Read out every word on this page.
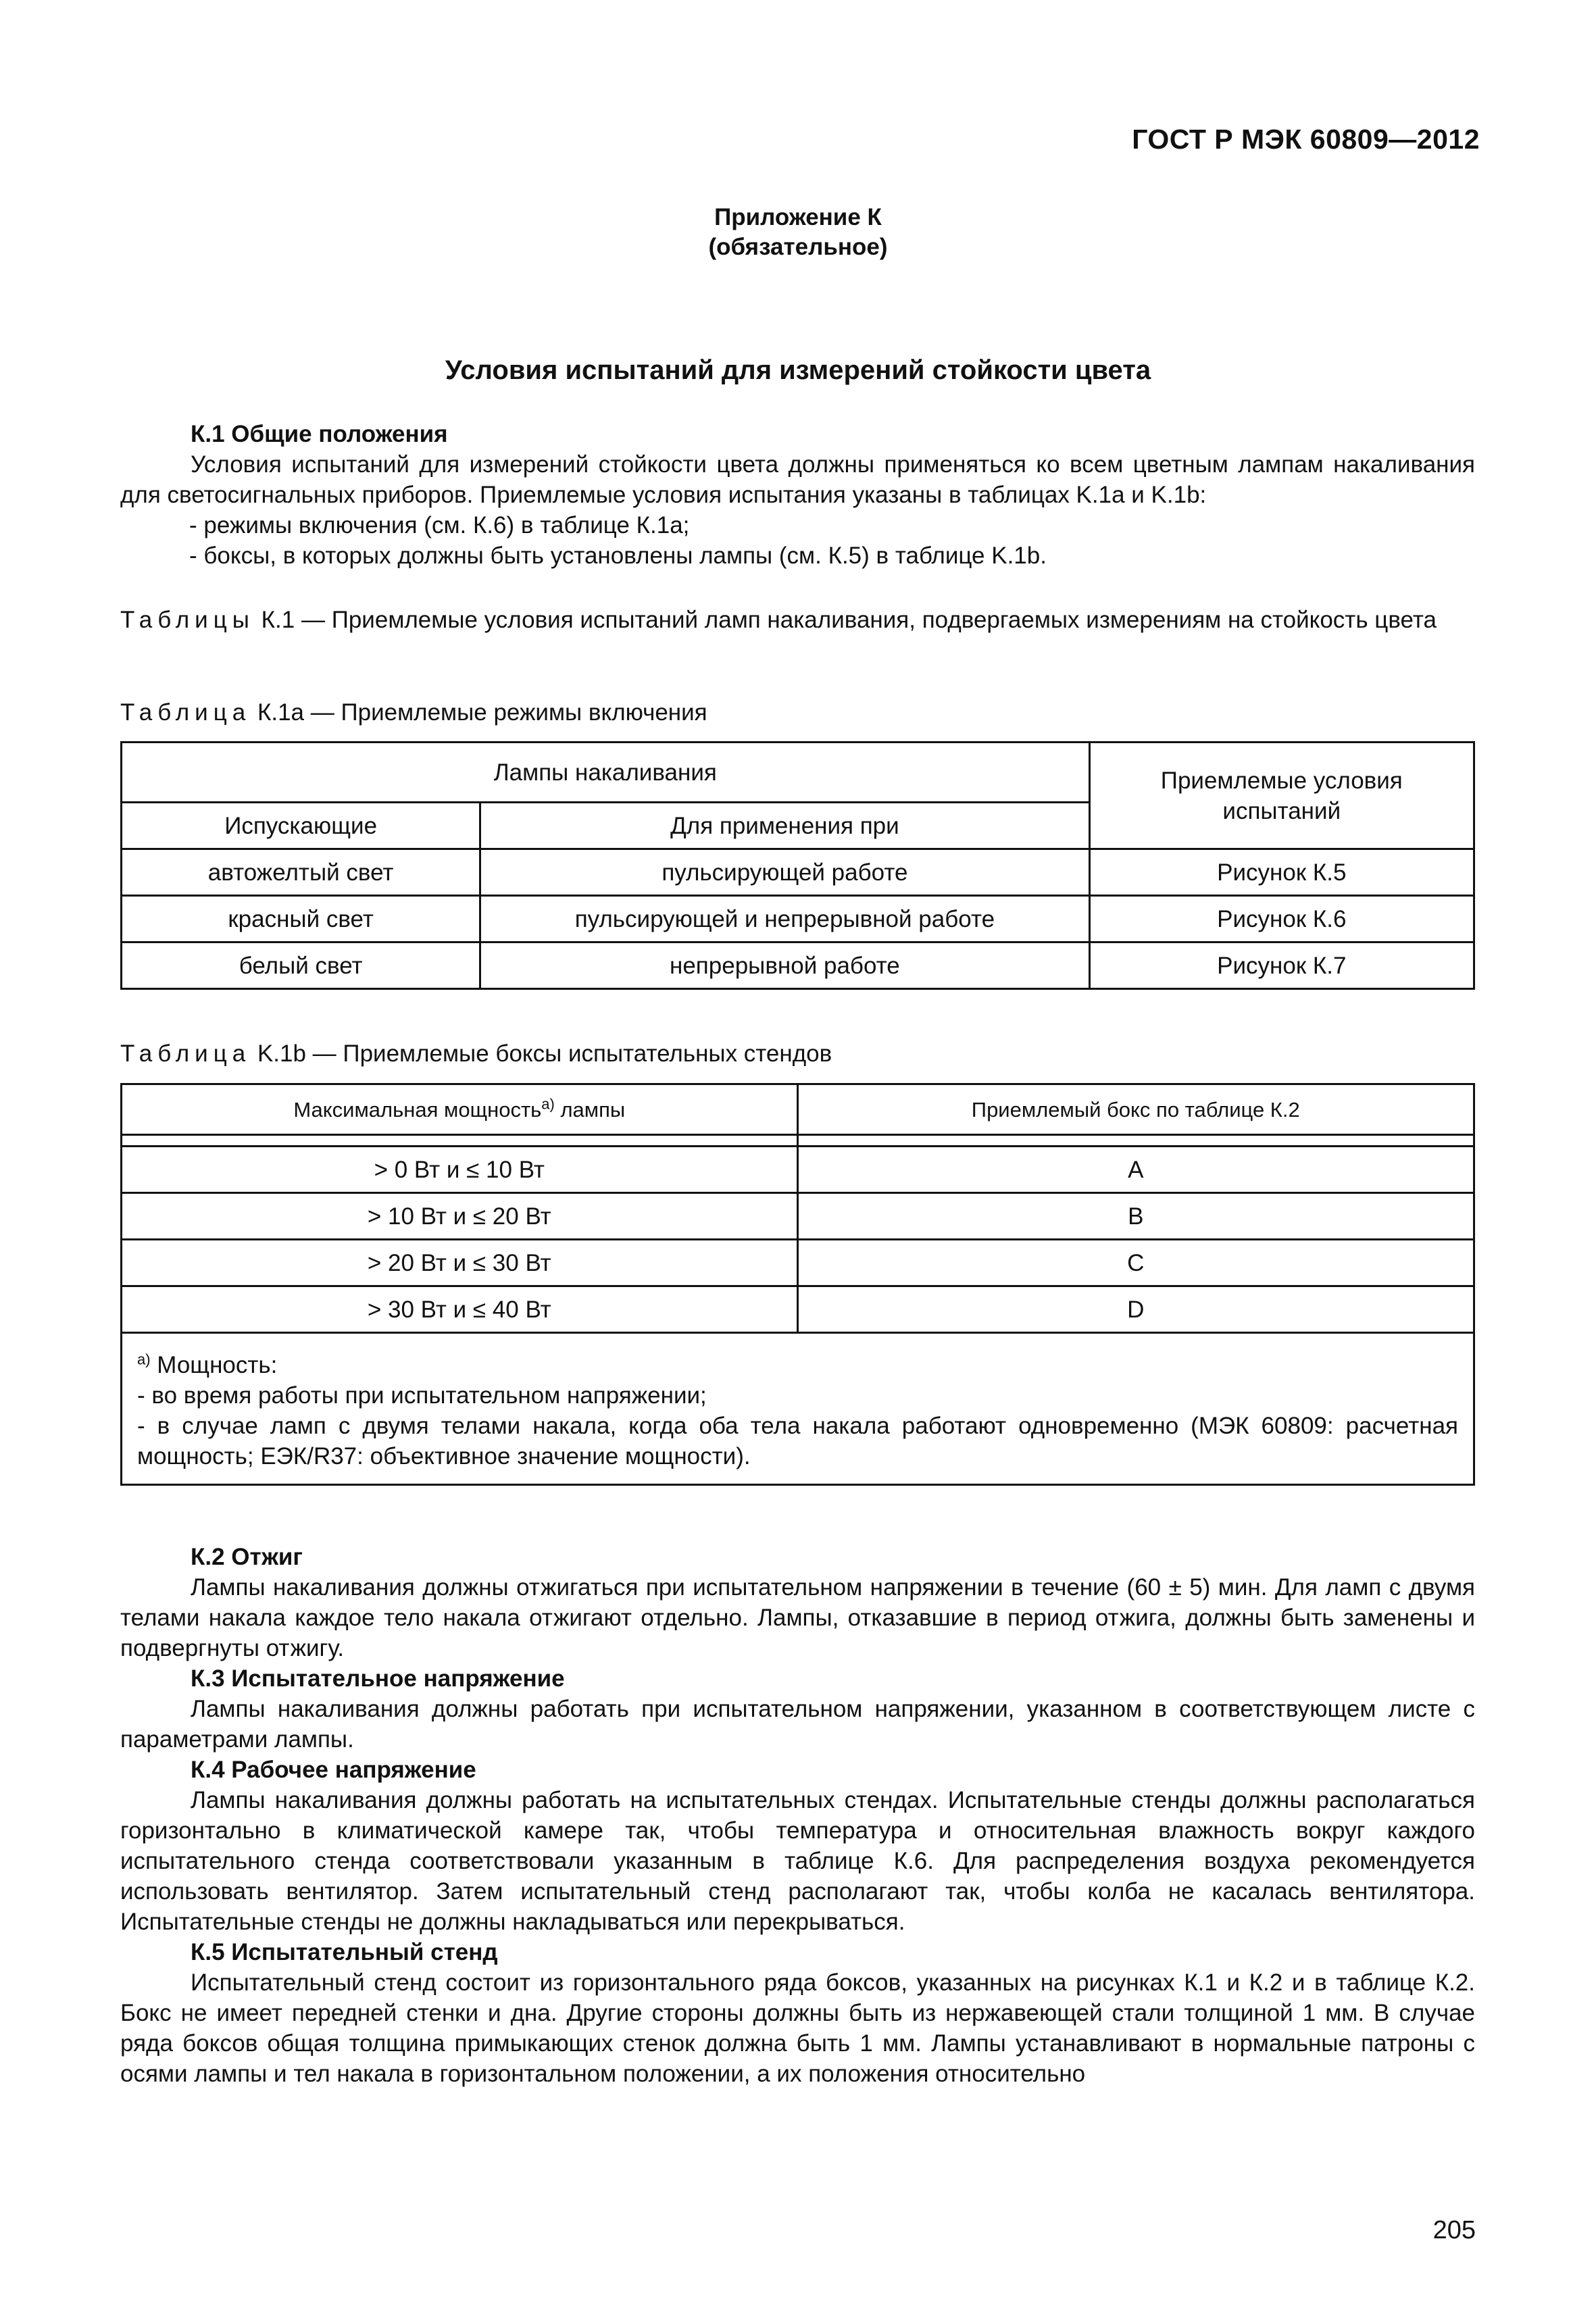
ГОСТ Р МЭК 60809—2012
Приложение К
(обязательное)
Условия испытаний для измерений стойкости цвета
К.1 Общие положения
Условия испытаний для измерений стойкости цвета должны применяться ко всем цветным лампам накаливания для светосигнальных приборов. Приемлемые условия испытания указаны в таблицах K.1a и K.1b:
- режимы включения (см. К.6) в таблице К.1а;
- боксы, в которых должны быть установлены лампы (см. К.5) в таблице K.1b.
Таблицы К.1 — Приемлемые условия испытаний ламп накаливания, подвергаемых измерениям на стойкость цвета
Таблица К.1а — Приемлемые режимы включения
Лампы накаливания		Приемлемые условия испытаний
Испускающие	Для применения при	
автожелтый свет	пульсирующей работе	Рисунок К.5
красный свет	пульсирующей и непрерывной работе	Рисунок К.6
белый свет	непрерывной работе	Рисунок К.7
Таблица K.1b — Приемлемые боксы испытательных стендов
Максимальная мощность$^{а)}$ лампы	Приемлемый бокс по таблице К.2

> 0 Вт и ≤ 10 Вт	A
> 10 Вт и ≤ 20 Вт	B
> 20 Вт и ≤ 30 Вт	C
> 30 Вт и ≤ 40 Вт	D

$^{а)}$ Мощность:
- во время работы при испытательном напряжении;
- в случае ламп с двумя телами накала, когда оба тела накала работают одновременно (МЭК 60809: расчетная мощность; ЕЭК/R37: объективное значение мощности).	
К.2 Отжиг
Лампы накаливания должны отжигаться при испытательном напряжении в течение (60 ± 5) мин. Для ламп с двумя телами накала каждое тело накала отжигают отдельно. Лампы, отказавшие в период отжига, должны быть заменены и подвергнуты отжигу.
К.3 Испытательное напряжение
Лампы накаливания должны работать при испытательном напряжении, указанном в соответствующем листе с параметрами лампы.
К.4 Рабочее напряжение
Лампы накаливания должны работать на испытательных стендах. Испытательные стенды должны располагаться горизонтально в климатической камере так, чтобы температура и относительная влажность вокруг каждого испытательного стенда соответствовали указанным в таблице К.6. Для распределения воздуха рекомендуется использовать вентилятор. Затем испытательный стенд располагают так, чтобы колба не касалась вентилятора. Испытательные стенды не должны накладываться или перекрываться.
К.5 Испытательный стенд
Испытательный стенд состоит из горизонтального ряда боксов, указанных на рисунках К.1 и К.2 и в таблице К.2. Бокс не имеет передней стенки и дна. Другие стороны должны быть из нержавеющей стали толщиной 1 мм. В случае ряда боксов общая толщина примыкающих стенок должна быть 1 мм. Лампы устанавливают в нормальные патроны с осями лампы и тел накала в горизонтальном положении, а их положения относительно
205
